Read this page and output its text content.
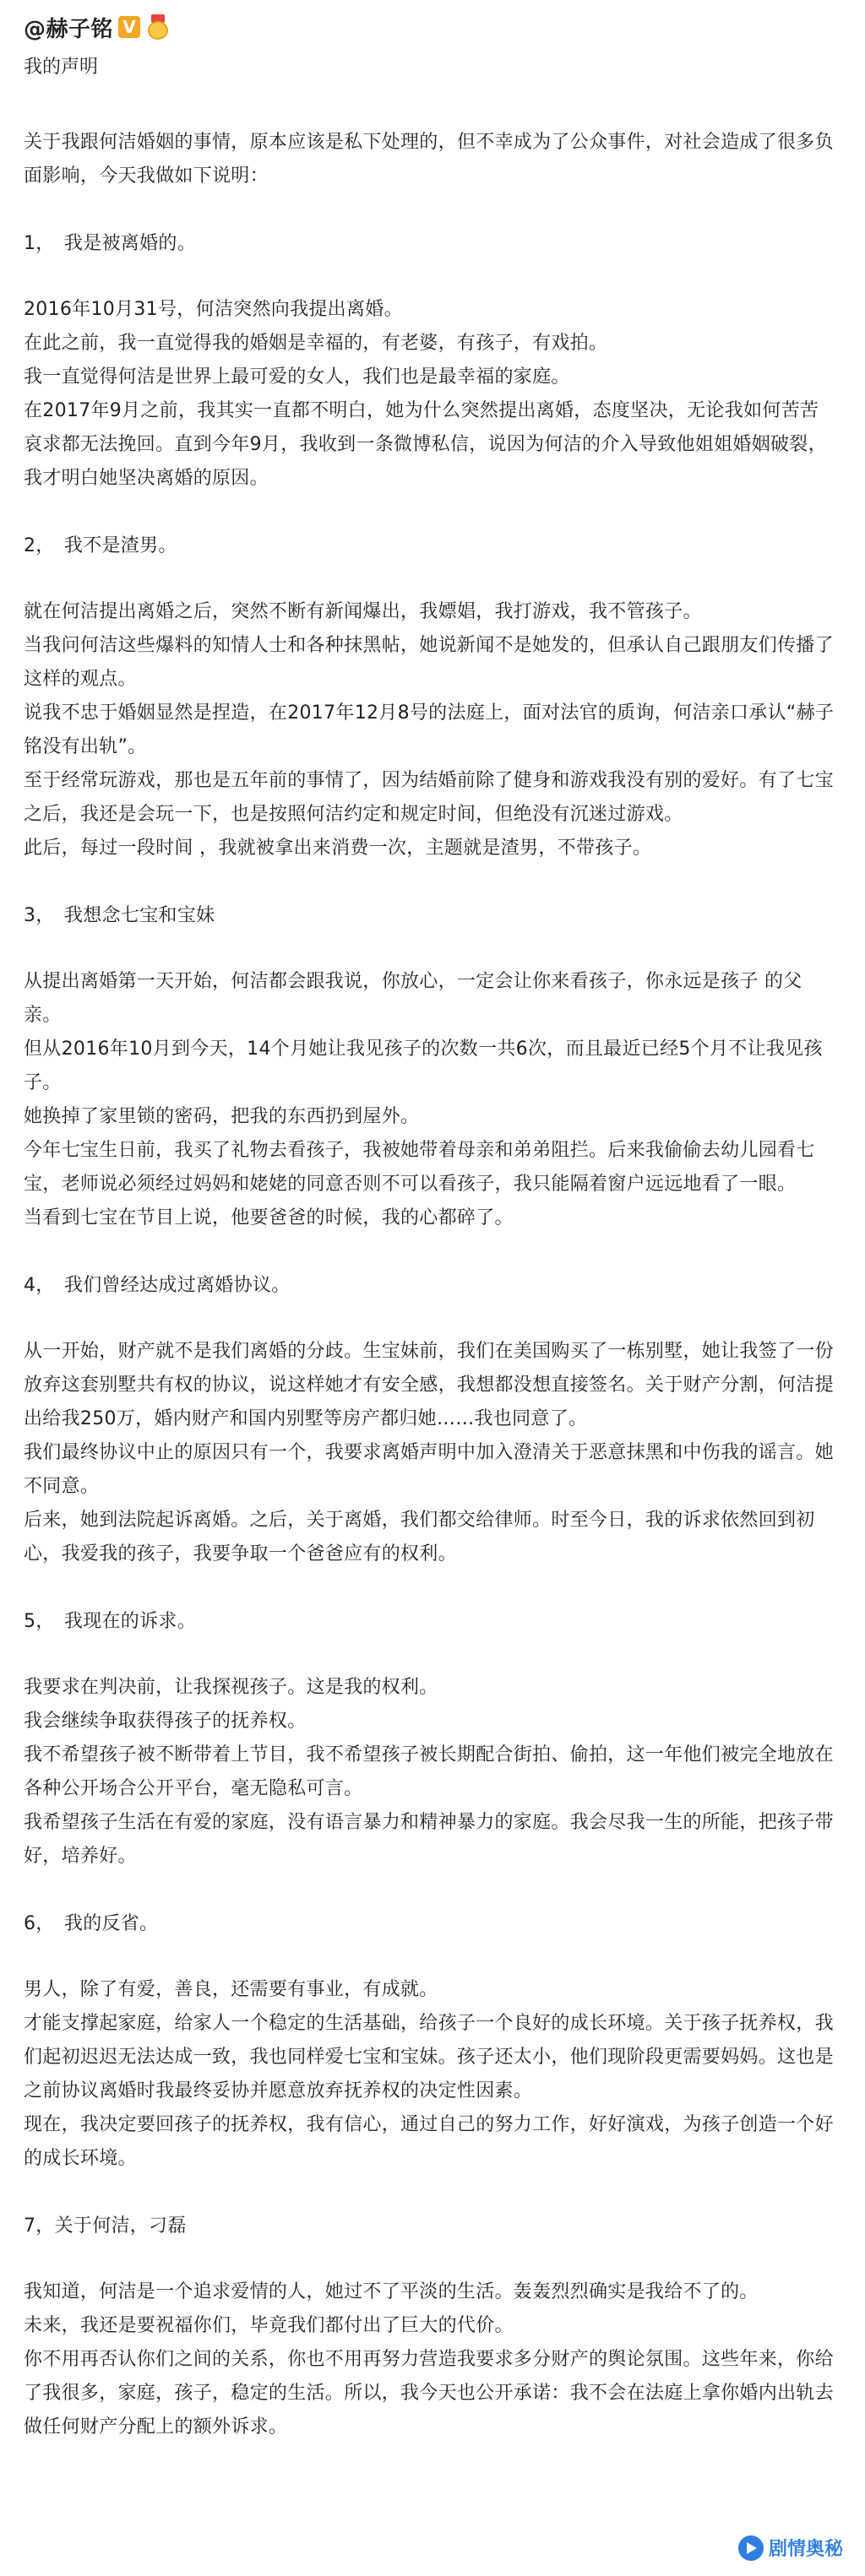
@赫子铭 V
我的声明

关于我跟何洁婚姻的事情，原本应该是私下处理的，但不幸成为了公众事件，对社会造成了很多负面影响，今天我做如下说明：

1，　我是被离婚的。

2016年10月31号，何洁突然向我提出离婚。

在此之前，我一直觉得我的婚姻是幸福的，有老婆，有孩子，有戏拍。

我一直觉得何洁是世界上最可爱的女人，我们也是最幸福的家庭。

在2017年9月之前，我其实一直都不明白，她为什么突然提出离婚，态度坚决，无论我如何苦苦哀求都无法挽回。直到今年9月，我收到一条微博私信，说因为何洁的介入导致他姐姐婚姻破裂，我才明白她坚决离婚的原因。

2，　我不是渣男。

就在何洁提出离婚之后，突然不断有新闻爆出，我嫖娼，我打游戏，我不管孩子。

当我问何洁这些爆料的知情人士和各种抹黑帖，她说新闻不是她发的，但承认自己跟朋友们传播了这样的观点。

说我不忠于婚姻显然是捏造，在2017年12月8号的法庭上，面对法官的质询，何洁亲口承认“赫子铭没有出轨”。

至于经常玩游戏，那也是五年前的事情了，因为结婚前除了健身和游戏我没有别的爱好。有了七宝之后，我还是会玩一下，也是按照何洁约定和规定时间，但绝没有沉迷过游戏。

此后，每过一段时间 ，我就被拿出来消费一次，主题就是渣男，不带孩子。

3，　我想念七宝和宝妹

从提出离婚第一天开始，何洁都会跟我说，你放心，一定会让你来看孩子，你永远是孩子 的父亲。

但从2016年10月到今天，14个月她让我见孩子的次数一共6次，而且最近已经5个月不让我见孩子。

她换掉了家里锁的密码，把我的东西扔到屋外。

今年七宝生日前，我买了礼物去看孩子，我被她带着母亲和弟弟阻拦。后来我偷偷去幼儿园看七宝，老师说必须经过妈妈和姥姥的同意否则不可以看孩子，我只能隔着窗户远远地看了一眼。

当看到七宝在节目上说，他要爸爸的时候，我的心都碎了。

4，　我们曾经达成过离婚协议。

从一开始，财产就不是我们离婚的分歧。生宝妹前，我们在美国购买了一栋别墅，她让我签了一份放弃这套别墅共有权的协议，说这样她才有安全感，我想都没想直接签名。关于财产分割，何洁提出给我250万，婚内财产和国内别墅等房产都归她……我也同意了。

我们最终协议中止的原因只有一个，我要求离婚声明中加入澄清关于恶意抹黑和中伤我的谣言。她不同意。

后来，她到法院起诉离婚。之后，关于离婚，我们都交给律师。时至今日，我的诉求依然回到初心，我爱我的孩子，我要争取一个爸爸应有的权利。

5，　我现在的诉求。

我要求在判决前，让我探视孩子。这是我的权利。

我会继续争取获得孩子的抚养权。

我不希望孩子被不断带着上节目，我不希望孩子被长期配合街拍、偷拍，这一年他们被完全地放在各种公开场合公开平台，毫无隐私可言。

我希望孩子生活在有爱的家庭，没有语言暴力和精神暴力的家庭。我会尽我一生的所能，把孩子带好，培养好。

6，　我的反省。

男人，除了有爱，善良，还需要有事业，有成就。

才能支撑起家庭，给家人一个稳定的生活基础，给孩子一个良好的成长环境。关于孩子抚养权，我们起初迟迟无法达成一致，我也同样爱七宝和宝妹。孩子还太小，他们现阶段更需要妈妈。这也是之前协议离婚时我最终妥协并愿意放弃抚养权的决定性因素。

现在，我决定要回孩子的抚养权，我有信心，通过自己的努力工作，好好演戏，为孩子创造一个好的成长环境。

7，关于何洁，刁磊

我知道，何洁是一个追求爱情的人，她过不了平淡的生活。轰轰烈烈确实是我给不了的。

未来，我还是要祝福你们，毕竟我们都付出了巨大的代价。

你不用再否认你们之间的关系，你也不用再努力营造我要求多分财产的舆论氛围。这些年来，你给了我很多，家庭，孩子，稳定的生活。所以，我今天也公开承诺：我不会在法庭上拿你婚内出轨去做任何财产分配上的额外诉求。

剧情奥秘
